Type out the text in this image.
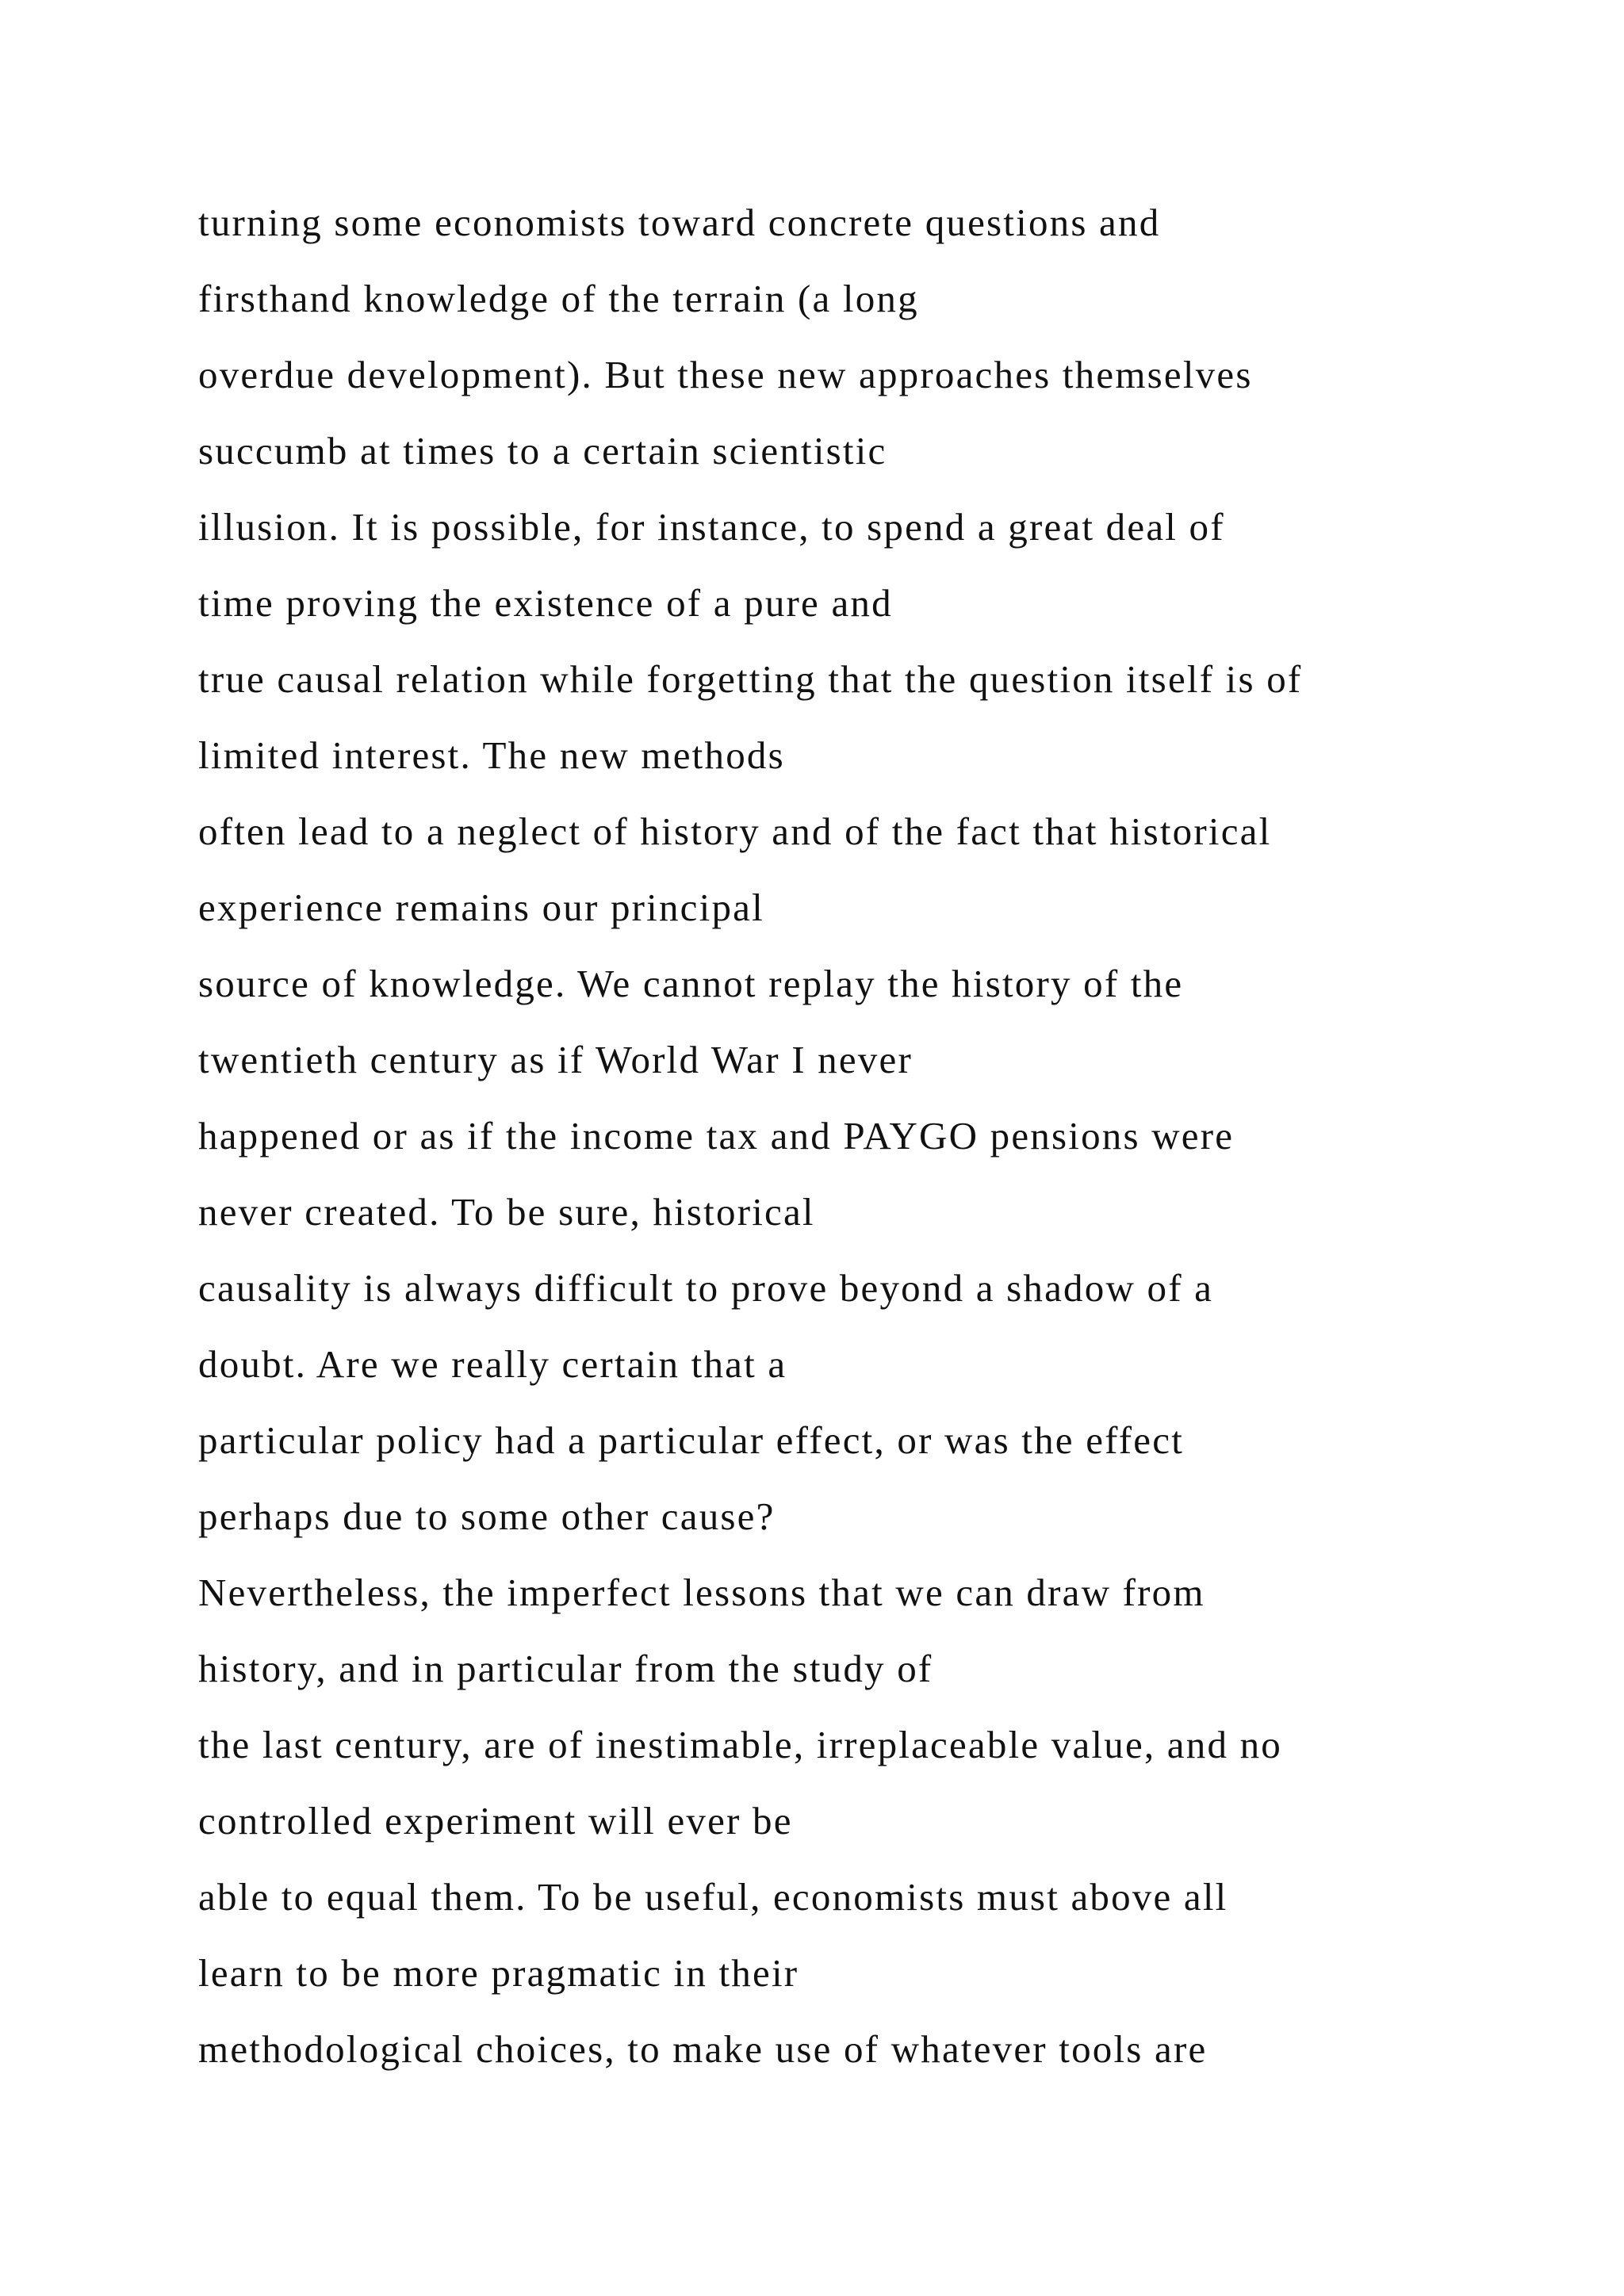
turning some economists toward concrete questions and
firsthand knowledge of the terrain (a long
overdue development). But these new approaches themselves
succumb at times to a certain scientistic
illusion. It is possible, for instance, to spend a great deal of
time proving the existence of a pure and
true causal relation while forgetting that the question itself is of
limited interest. The new methods
often lead to a neglect of history and of the fact that historical
experience remains our principal
source of knowledge. We cannot replay the history of the
twentieth century as if World War I never
happened or as if the income tax and PAYGO pensions were
never created. To be sure, historical
causality is always difficult to prove beyond a shadow of a
doubt. Are we really certain that a
particular policy had a particular effect, or was the effect
perhaps due to some other cause?
Nevertheless, the imperfect lessons that we can draw from
history, and in particular from the study of
the last century, are of inestimable, irreplaceable value, and no
controlled experiment will ever be
able to equal them. To be useful, economists must above all
learn to be more pragmatic in their
methodological choices, to make use of whatever tools are
